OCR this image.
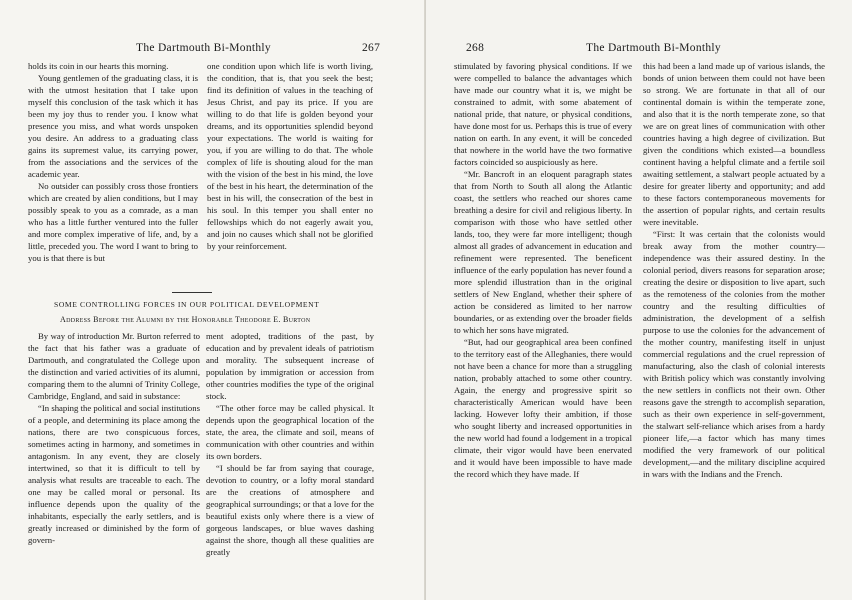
The Dartmouth Bi-Monthly	267

holds its coin in our hearts this morning.

Young gentlemen of the graduating class, it is with the utmost hesitation that I take upon myself this conclusion of the task which it has been my joy thus to render you. I know what presence you miss, and what words unspoken you desire. An address to a graduating class gains its supremest value, its carrying power, from the associations and the services of the academic year.

No outsider can possibly cross those frontiers which are created by alien conditions, but I may possibly speak to you as a comrade, as a man who has a little further ventured into the fuller and more complex imperative of life, and, by a little, preceded you. The word I want to bring to you is that there is but

one condition upon which life is worth living, the condition, that is, that you seek the best; find its definition of values in the teaching of Jesus Christ, and pay its price. If you are willing to do that life is golden beyond your dreams, and its opportunities splendid beyond your expectations. The world is waiting for you, if you are willing to do that. The whole complex of life is shouting aloud for the man with the vision of the best in his mind, the love of the best in his heart, the determination of the best in his will, the consecration of the best in his soul. In this temper you shall enter no fellowships which do not eagerly await you, and join no causes which shall not be glorified by your reinforcement.

SOME CONTROLLING FORCES IN OUR POLITICAL DEVELOPMENT
Address Before the Alumni by the Honorable Theodore E. Burton

By way of introduction Mr. Burton referred to the fact that his father was a graduate of Dartmouth, and congratulated the College upon the distinction and varied activities of its alumni, comparing them to the alumni of Trinity College, Cambridge, England, and said in substance:

“In shaping the political and social institutions of a people, and determining its place among the nations, there are two conspicuous forces, sometimes acting in harmony, and sometimes in antagonism. In any event, they are closely intertwined, so that it is difficult to tell by analysis what results are traceable to each. The one may be called moral or personal. Its influence depends upon the quality of the inhabitants, especially the early settlers, and is greatly increased or diminished by the form of govern-

ment adopted, traditions of the past, by education and by prevalent ideals of patriotism and morality. The subsequent increase of population by immigration or accession from other countries modifies the type of the original stock.

“The other force may be called physical. It depends upon the geographical location of the state, the area, the climate and soil, means of communication with other countries and within its own borders.

“I should be far from saying that courage, devotion to country, or a lofty moral standard are the creations of atmosphere and geographical surroundings; or that a love for the beautiful exists only where there is a view of gorgeous landscapes, or blue waves dashing against the shore, though all these qualities are greatly

268	The Dartmouth Bi-Monthly

stimulated by favoring physical conditions. If we were compelled to balance the advantages which have made our country what it is, we might be constrained to admit, with some abatement of national pride, that nature, or physical conditions, have done most for us. Perhaps this is true of every nation on earth. In any event, it will be conceded that nowhere in the world have the two formative factors coincided so auspiciously as here.

“Mr. Bancroft in an eloquent paragraph states that from North to South all along the Atlantic coast, the settlers who reached our shores came breathing a desire for civil and religious liberty. In comparison with those who have settled other lands, too, they were far more intelligent; though almost all grades of advancement in education and refinement were represented. The beneficent influence of the early population has never found a more splendid illustration than in the original settlers of New England, whether their sphere of action be considered as limited to her narrow boundaries, or as extending over the broader fields to which her sons have migrated.

“But, had our geographical area been confined to the territory east of the Alleghanies, there would not have been a chance for more than a struggling nation, probably attached to some other country. Again, the energy and progressive spirit so characteristically American would have been lacking. However lofty their ambition, if those who sought liberty and increased opportunities in the new world had found a lodgement in a tropical climate, their vigor would have been enervated and it would have been impossible to have made the record which they have made. If

this had been a land made up of various islands, the bonds of union between them could not have been so strong. We are fortunate in that all of our continental domain is within the temperate zone, and also that it is the north temperate zone, so that we are on great lines of communication with other countries having a high degree of civilization. But given the conditions which existed—a boundless continent having a helpful climate and a fertile soil awaiting settlement, a stalwart people actuated by a desire for greater liberty and opportunity; and add to these factors contemporaneous movements for the assertion of popular rights, and certain results were inevitable.

“First: It was certain that the colonists would break away from the mother country—independence was their assured destiny. In the colonial period, divers reasons for separation arose; creating the desire or disposition to live apart, such as the remoteness of the colonies from the mother country and the resulting difficulties of administration, the development of a selfish purpose to use the colonies for the advancement of the mother country, manifesting itself in unjust commercial regulations and the cruel repression of manufacturing, also the clash of colonial interests with British policy which was constantly involving the new settlers in conflicts not their own. Other reasons gave the strength to accomplish separation, such as their own experience in self-government, the stalwart self-reliance which arises from a hardy pioneer life,—a factor which has many times modified the very framework of our political development,—and the military discipline acquired in wars with the Indians and the French.
